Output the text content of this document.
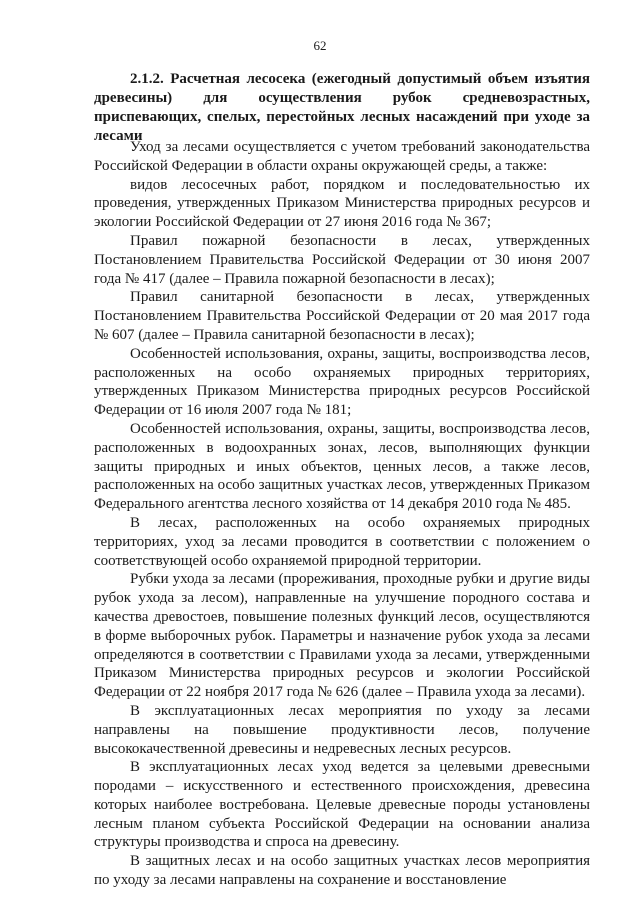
62
2.1.2. Расчетная лесосека (ежегодный допустимый объем изъятия древесины) для осуществления рубок средневозрастных, приспевающих, спелых, перестойных лесных насаждений при уходе за лесами

Уход за лесами осуществляется с учетом требований законодательства Российской Федерации в области охраны окружающей среды, а также:

видов лесосечных работ, порядком и последовательностью их проведения, утвержденных Приказом Министерства природных ресурсов и экологии Российской Федерации от 27 июня 2016 года № 367;

Правил пожарной безопасности в лесах, утвержденных Постановлением Правительства Российской Федерации от 30 июня 2007 года № 417 (далее – Правила пожарной безопасности в лесах);

Правил санитарной безопасности в лесах, утвержденных Постановлением Правительства Российской Федерации от 20 мая 2017 года № 607 (далее – Правила санитарной безопасности в лесах);

Особенностей использования, охраны, защиты, воспроизводства лесов, расположенных на особо охраняемых природных территориях, утвержденных Приказом Министерства природных ресурсов Российской Федерации от 16 июля 2007 года № 181;

Особенностей использования, охраны, защиты, воспроизводства лесов, расположенных в водоохранных зонах, лесов, выполняющих функции защиты природных и иных объектов, ценных лесов, а также лесов, расположенных на особо защитных участках лесов, утвержденных Приказом Федерального агентства лесного хозяйства от 14 декабря 2010 года № 485.

В лесах, расположенных на особо охраняемых природных территориях, уход за лесами проводится в соответствии с положением о соответствующей особо охраняемой природной территории.

Рубки ухода за лесами (прореживания, проходные рубки и другие виды рубок ухода за лесом), направленные на улучшение породного состава и качества древостоев, повышение полезных функций лесов, осуществляются в форме выборочных рубок. Параметры и назначение рубок ухода за лесами определяются в соответствии с Правилами ухода за лесами, утвержденными Приказом Министерства природных ресурсов и экологии Российской Федерации от 22 ноября 2017 года № 626 (далее – Правила ухода за лесами).

В эксплуатационных лесах мероприятия по уходу за лесами направлены на повышение продуктивности лесов, получение высококачественной древесины и недревесных лесных ресурсов.

В эксплуатационных лесах уход ведется за целевыми древесными породами – искусственного и естественного происхождения, древесина которых наиболее востребована. Целевые древесные породы установлены лесным планом субъекта Российской Федерации на основании анализа структуры производства и спроса на древесину.

В защитных лесах и на особо защитных участках лесов мероприятия по уходу за лесами направлены на сохранение и восстановление
